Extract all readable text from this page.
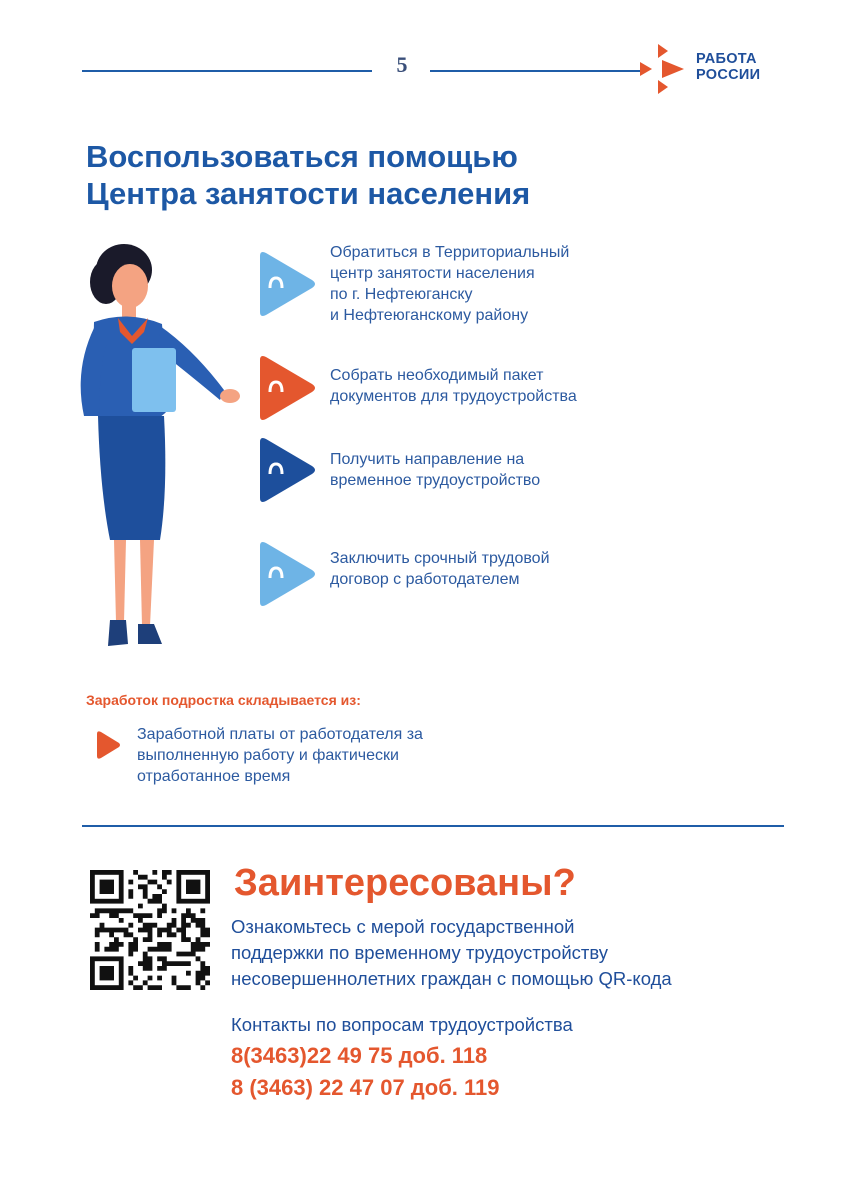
5	РАБОТА
РОССИИ
Воспользоваться помощью
Центра занятости населения
Обратиться в Территориальный
центр занятости населения
по г. Нефтеюганску
и Нефтеюганскому району
Собрать необходимый пакет
документов для трудоустройства
Получить направление на
временное трудоустройство
Заключить срочный трудовой
договор с работодателем
Заработок подростка складывается из:
Заработной платы от работодателя за
выполненную работу и фактически
отработанное время
Заинтересованы?
Ознакомьтесь с мерой государственной
поддержки по временному трудоустройству
несовершеннолетних граждан с помощью QR-кода
Контакты по вопросам трудоустройства
8(3463)22 49 75 доб. 118
8 (3463) 22 47 07 доб. 119
